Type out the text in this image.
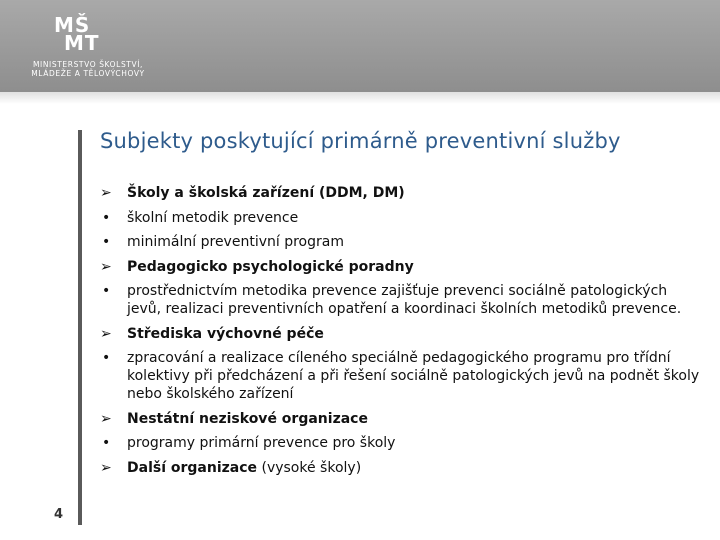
MŠ
MT
MINISTERSTVO ŠKOLSTVÍ,
MLÁDEŽE A TĚLOVÝCHOVY
4
Subjekty poskytující primárně preventivní služby
➢	Školy a školská zařízení (DDM, DM)
•	školní metodik prevence
•	minimální preventivní program
➢	Pedagogicko psychologické poradny
•	prostřednictvím metodika prevence zajišťuje prevenci sociálně patologických jevů, realizaci preventivních opatření a koordinaci školních metodiků prevence.
➢	Střediska výchovné péče
•	zpracování a realizace cíleného speciálně pedagogického programu pro třídní kolektivy při předcházení a při řešení sociálně patologických jevů na podnět školy nebo školského zařízení
➢	Nestátní neziskové organizace
•	programy primární prevence pro školy
➢	Další organizace (vysoké školy)
